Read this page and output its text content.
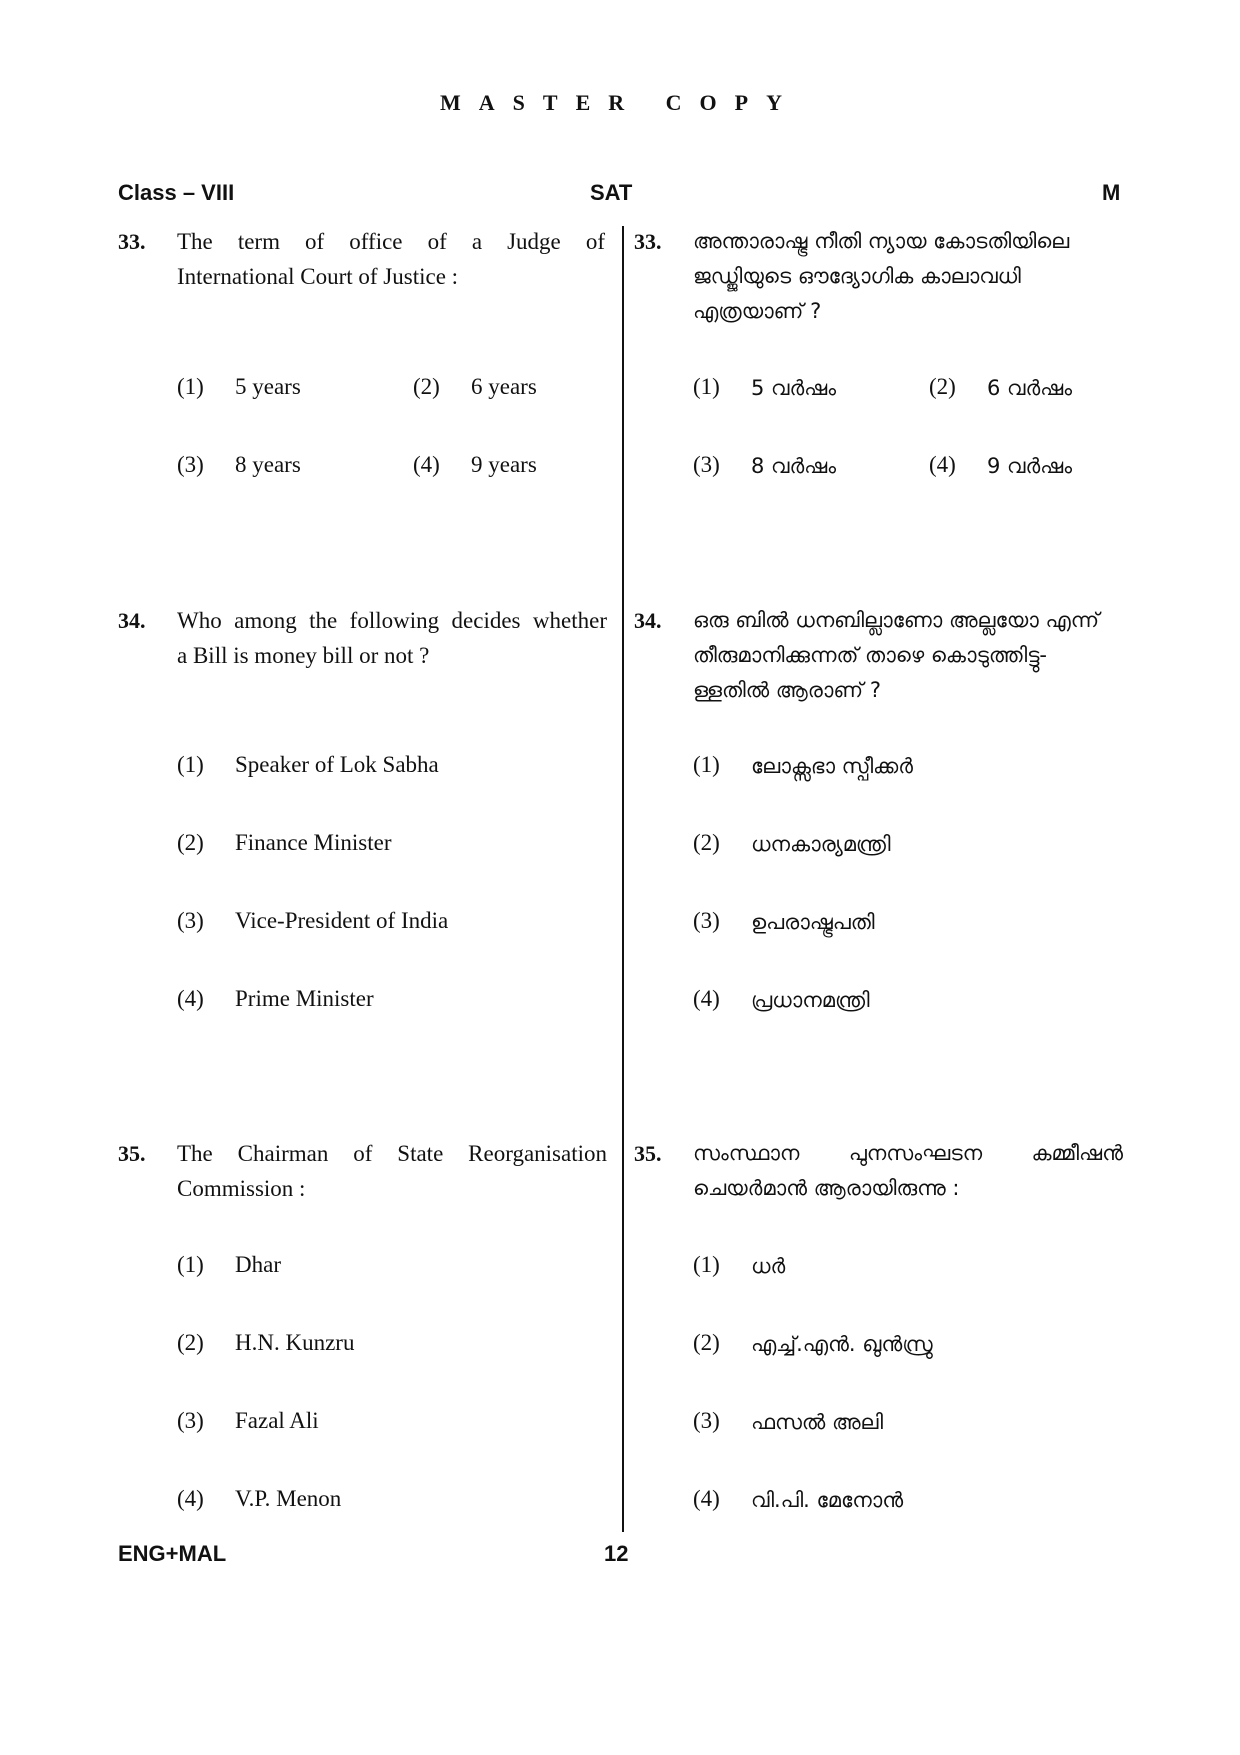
MASTER COPY
Class – VIII	SAT	M
33. The term of office of a Judge of
International Court of Justice :
(1) 5 years	(2) 6 years
(3) 8 years	(4) 9 years
33. അന്താരാഷ്ട്ര നീതി ന്യായ കോടതിയിലെ
ജഡ്ജിയുടെ ഔദ്യോഗിക കാലാവധി
എത്രയാണ് ?
(1) 5 വർഷം	(2) 6 വർഷം
(3) 8 വർഷം	(4) 9 വർഷം
34. Who among the following decides whether
a Bill is money bill or not ?
(1) Speaker of Lok Sabha
(2) Finance Minister
(3) Vice-President of India
(4) Prime Minister
34. ഒരു ബിൽ ധനബില്ലാണോ അല്ലയോ എന്ന്
തീരുമാനിക്കുന്നത് താഴെ കൊടുത്തിട്ടു-
ള്ളതിൽ ആരാണ് ?
(1) ലോക്സഭാ സ്പീക്കർ
(2) ധനകാര്യമന്ത്രി
(3) ഉപരാഷ്ട്രപതി
(4) പ്രധാനമന്ത്രി
35. The Chairman of State Reorganisation
Commission :
(1) Dhar
(2) H.N. Kunzru
(3) Fazal Ali
(4) V.P. Menon
35. സംസ്ഥാന പുനസംഘടന കമ്മീഷൻ
ചെയർമാൻ ആരായിരുന്നു :
(1) ധർ
(2) എച്ച്.എൻ. ഖുൻസ്രു
(3) ഫസൽ അലി
(4) വി.പി. മേനോൻ
ENG+MAL	12
